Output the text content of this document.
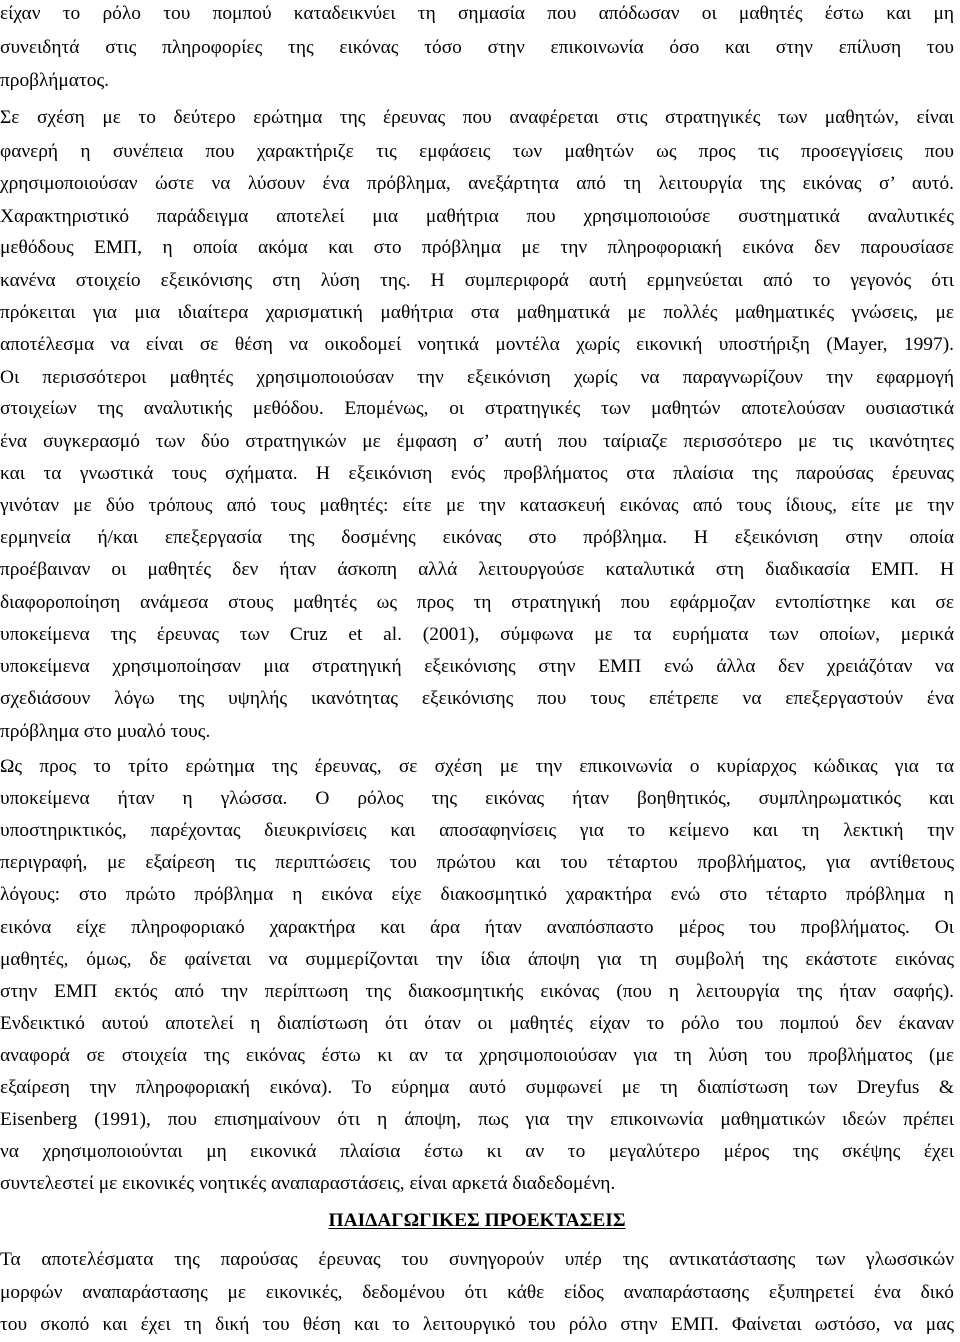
είχαν το ρόλο του πομπού καταδεικνύει τη σημασία που απόδωσαν οι μαθητές έστω και μη
συνειδητά στις πληροφορίες της εικόνας τόσο στην επικοινωνία όσο και στην επίλυση του
προβλήματος.
Σε σχέση με το δεύτερο ερώτημα της έρευνας που αναφέρεται στις στρατηγικές των μαθητών, είναι
φανερή η συνέπεια που χαρακτήριζε τις εμφάσεις των μαθητών ως προς τις προσεγγίσεις που
χρησιμοποιούσαν ώστε να λύσουν ένα πρόβλημα, ανεξάρτητα από τη λειτουργία της εικόνας σ’ αυτό.
Χαρακτηριστικό παράδειγμα αποτελεί μια μαθήτρια που χρησιμοποιούσε συστηματικά αναλυτικές
μεθόδους ΕΜΠ, η οποία ακόμα και στο πρόβλημα με την πληροφοριακή εικόνα δεν παρουσίασε
κανένα στοιχείο εξεικόνισης στη λύση της. Η συμπεριφορά αυτή ερμηνεύεται από το γεγονός ότι
πρόκειται για μια ιδιαίτερα χαρισματική μαθήτρια στα μαθηματικά με πολλές μαθηματικές γνώσεις, με
αποτέλεσμα να είναι σε θέση να οικοδομεί νοητικά μοντέλα χωρίς εικονική υποστήριξη (Mayer, 1997).
Οι περισσότεροι μαθητές χρησιμοποιούσαν την εξεικόνιση χωρίς να παραγνωρίζουν την εφαρμογή
στοιχείων της αναλυτικής μεθόδου. Επομένως, οι στρατηγικές των μαθητών αποτελούσαν ουσιαστικά
ένα συγκερασμό των δύο στρατηγικών με έμφαση σ’ αυτή που ταίριαζε περισσότερο με τις ικανότητες
και τα γνωστικά τους σχήματα. Η εξεικόνιση ενός προβλήματος στα πλαίσια της παρούσας έρευνας
γινόταν με δύο τρόπους από τους μαθητές: είτε με την κατασκευή εικόνας από τους ίδιους, είτε με την
ερμηνεία ή/και επεξεργασία της δοσμένης εικόνας στο πρόβλημα. Η εξεικόνιση στην οποία
προέβαιναν οι μαθητές δεν ήταν άσκοπη αλλά λειτουργούσε καταλυτικά στη διαδικασία ΕΜΠ. Η
διαφοροποίηση ανάμεσα στους μαθητές ως προς τη στρατηγική που εφάρμοζαν εντοπίστηκε και σε
υποκείμενα της έρευνας των Cruz et al. (2001), σύμφωνα με τα ευρήματα των οποίων, μερικά
υποκείμενα χρησιμοποίησαν μια στρατηγική εξεικόνισης στην ΕΜΠ ενώ άλλα δεν χρειάζόταν να
σχεδιάσουν λόγω της υψηλής ικανότητας εξεικόνισης που τους επέτρεπε να επεξεργαστούν ένα
πρόβλημα στο μυαλό τους.
Ως προς το τρίτο ερώτημα της έρευνας, σε σχέση με την επικοινωνία ο κυρίαρχος κώδικας για τα
υποκείμενα ήταν η γλώσσα. Ο ρόλος της εικόνας ήταν βοηθητικός, συμπληρωματικός και
υποστηρικτικός, παρέχοντας διευκρινίσεις και αποσαφηνίσεις για το κείμενο και τη λεκτική την
περιγραφή, με εξαίρεση τις περιπτώσεις του πρώτου και του τέταρτου προβλήματος, για αντίθετους
λόγους: στο πρώτο πρόβλημα η εικόνα είχε διακοσμητικό χαρακτήρα ενώ στο τέταρτο πρόβλημα η
εικόνα είχε πληροφοριακό χαρακτήρα και άρα ήταν αναπόσπαστο μέρος του προβλήματος. Οι
μαθητές, όμως, δε φαίνεται να συμμερίζονται την ίδια άποψη για τη συμβολή της εκάστοτε εικόνας
στην ΕΜΠ εκτός από την περίπτωση της διακοσμητικής εικόνας (που η λειτουργία της ήταν σαφής).
Ενδεικτικό αυτού αποτελεί η διαπίστωση ότι όταν οι μαθητές είχαν το ρόλο του πομπού δεν έκαναν
αναφορά σε στοιχεία της εικόνας έστω κι αν τα χρησιμοποιούσαν για τη λύση του προβλήματος (με
εξαίρεση την πληροφοριακή εικόνα). Το εύρημα αυτό συμφωνεί με τη διαπίστωση των Dreyfus &
Eisenberg (1991), που επισημαίνουν ότι η άποψη, πως για την επικοινωνία μαθηματικών ιδεών πρέπει
να χρησιμοποιούνται μη εικονικά πλαίσια έστω κι αν το μεγαλύτερο μέρος της σκέψης έχει
συντελεστεί με εικονικές νοητικές αναπαραστάσεις, είναι αρκετά διαδεδομένη.
ΠΑΙΔΑΓΩΓΙΚΕΣ ΠΡΟΕΚΤΑΣΕΙΣ
Τα αποτελέσματα της παρούσας έρευνας του συνηγορούν υπέρ της αντικατάστασης των γλωσσικών
μορφών αναπαράστασης με εικονικές, δεδομένου ότι κάθε είδος αναπαράστασης εξυπηρετεί ένα δικό
του σκοπό και έχει τη δική του θέση και το λειτουργικό του ρόλο στην ΕΜΠ. Φαίνεται ωστόσο, να μας
